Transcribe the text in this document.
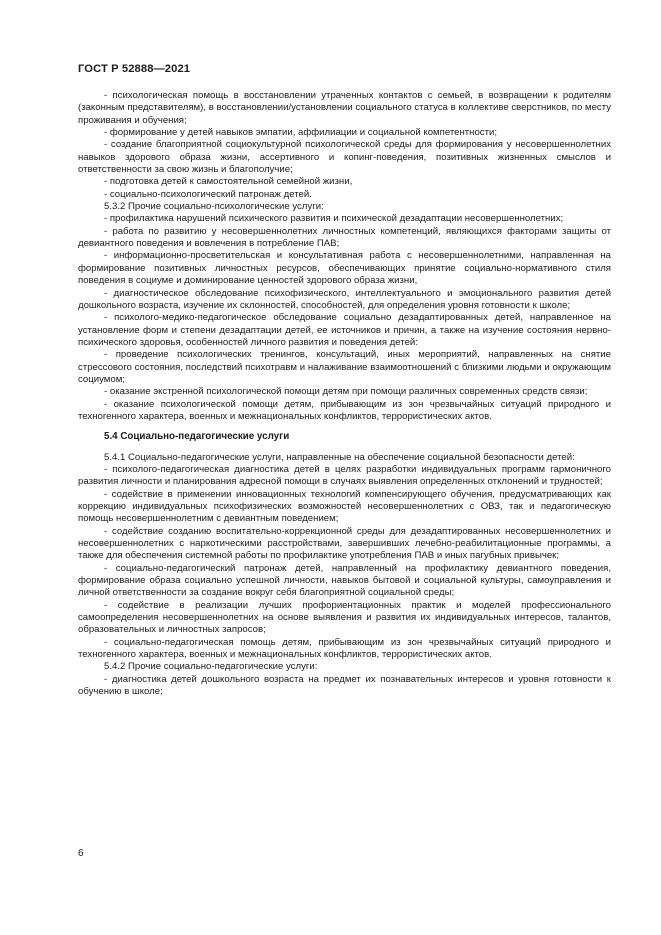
ГОСТ Р 52888—2021

- психологическая помощь в восстановлении утраченных контактов с семьей, в возвращении к родителям (законным представителям), в восстановлении/установлении социального статуса в коллективе сверстников, по месту проживания и обучения;

- формирование у детей навыков эмпатии, аффилиации и социальной компетентности;

- создание благоприятной социокультурной психологической среды для формирования у несовершеннолетних навыков здорового образа жизни, ассертивного и копинг-поведения, позитивных жизненных смыслов и ответственности за свою жизнь и благополучие;

- подготовка детей к самостоятельной семейной жизни,

- социально-психологический патронаж детей.

5.3.2 Прочие социально-психологические услуги:

- профилактика нарушений психического развития и психической дезадаптации несовершеннолетних;

- работа по развитию у несовершеннолетних личностных компетенций, являющихся факторами защиты от девиантного поведения и вовлечения в потребление ПАВ;

- информационно-просветительская и консультативная работа с несовершеннолетними, направленная на формирование позитивных личностных ресурсов, обеспечивающих принятие социально-нормативного стиля поведения в социуме и доминирование ценностей здорового образа жизни,

- диагностическое обследование психофизического, интеллектуального и эмоционального развития детей дошкольного возраста, изучение их склонностей, способностей, для определения уровня готовности к школе;

- психолого-медико-педагогическое обследование социально дезадаптированных детей, направленное на установление форм и степени дезадаптации детей, ее источников и причин, а также на изучение состояния нервно-психического здоровья, особенностей личного развития и поведения детей:

- проведение психологических тренингов, консультаций, иных мероприятий, направленных на снятие стрессового состояния, последствий психотравм и налаживание взаимоотношений с близкими людьми и окружающим социумом;

- оказание экстренной психологической помощи детям при помощи различных современных средств связи;

- оказание психологической помощи детям, прибывающим из зон чрезвычайных ситуаций природного и техногенного характера, военных и межнациональных конфликтов, террористических актов.

5.4 Социально-педагогические услуги

5.4.1 Социально-педагогические услуги, направленные на обеспечение социальной безопасности детей:

- психолого-педагогическая диагностика детей в целях разработки индивидуальных программ гармоничного развития личности и планирования адресной помощи в случаях выявления определенных отклонений и трудностей;

- содействие в применении инновационных технологий компенсирующего обучения, предусматривающих как коррекцию индивидуальных психофизических возможностей несовершеннолетних с ОВЗ, так и педагогическую помощь несовершеннолетним с девиантным поведением;

- содействие созданию воспитательно-коррекционной среды для дезадаптированных несовершеннолетних и несовершеннолетних с наркотическими расстройствами, завершивших лечебно-реабилитационные программы, а также для обеспечения системной работы по профилактике употребления ПАВ и иных пагубных привычек;

- социально-педагогический патронаж детей, направленный на профилактику девиантного поведения, формирование образа социально успешной личности, навыков бытовой и социальной культуры, самоуправления и личной ответственности за создание вокруг себя благоприятной социальной среды;

- содействие в реализации лучших профориентационных практик и моделей профессионального самоопределения несовершеннолетних на основе выявления и развития их индивидуальных интересов, талантов, образовательных и личностных запросов;

- социально-педагогическая помощь детям, прибывающим из зон чрезвычайных ситуаций природного и техногенного характера, военных и межнациональных конфликтов, террористических актов.

5.4.2 Прочие социально-педагогические услуги:

- диагностика детей дошкольного возраста на предмет их познавательных интересов и уровня готовности к обучению в школе;

6
